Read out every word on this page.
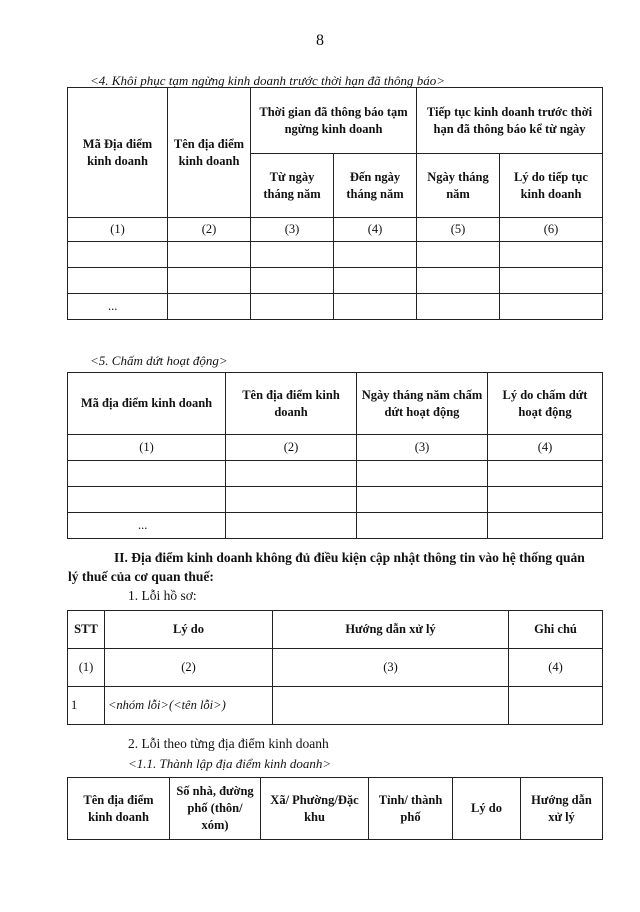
8
<4. Khôi phục tạm ngừng kinh doanh trước thời hạn đã thông báo>
Mã Địa điểm kinh doanh	Tên địa điểm kinh doanh	Thời gian đã thông báo tạm ngừng kinh doanh		Tiếp tục kinh doanh trước thời hạn đã thông báo kể từ ngày	
		Từ ngày tháng năm	Đến ngày tháng năm	Ngày tháng năm	Lý do tiếp tục kinh doanh
(1)	(2)	(3)	(4)	(5)	(6)

...					
<5. Chấm dứt hoạt động>
Mã địa điểm kinh doanh	Tên địa điểm kinh doanh	Ngày tháng năm chấm dứt hoạt động	Lý do chấm dứt hoạt động
(1)	(2)	(3)	(4)

...			
II. Địa điểm kinh doanh không đủ điều kiện cập nhật thông tin vào hệ thống quản lý thuế của cơ quan thuế:
1. Lỗi hồ sơ:
STT	Lý do	Hướng dẫn xử lý	Ghi chú
(1)	(2)	(3)	(4)
1	<nhóm lỗi>(<tên lỗi>)		
2. Lỗi theo từng địa điểm kinh doanh
<1.1. Thành lập địa điểm kinh doanh>
Tên địa điểm kinh doanh	Số nhà, đường phố (thôn/ xóm)	Xã/ Phường/Đặc khu	Tỉnh/ thành phố	Lý do	Hướng dẫn xử lý
